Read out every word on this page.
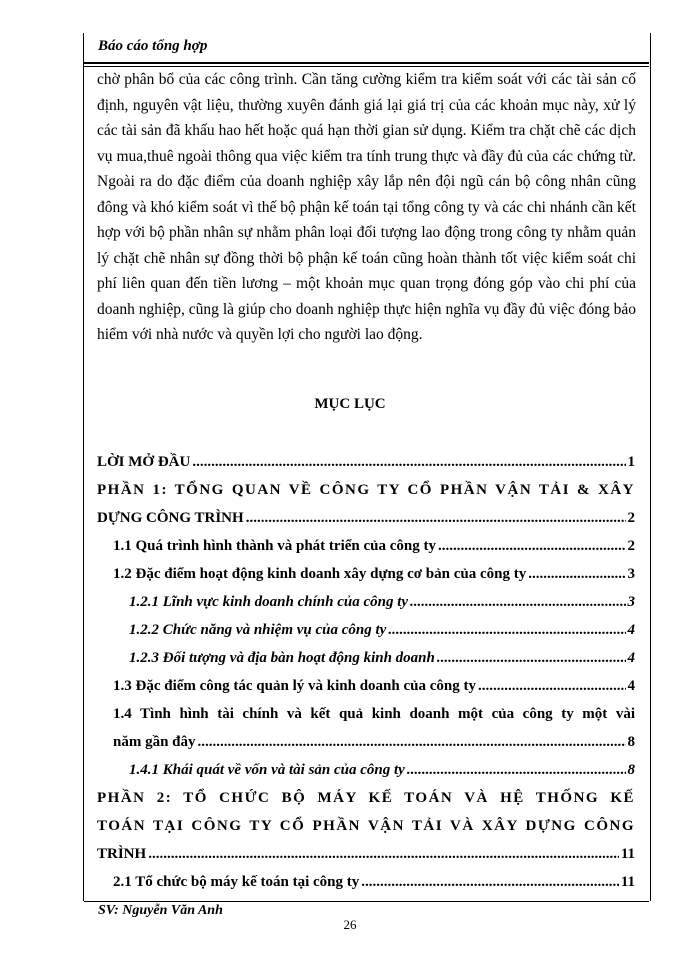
Báo cáo tổng hợp

chờ phân bổ của các công trình. Cần tăng cường kiểm tra kiểm soát với các tài sản cố định, nguyên vật liệu, thường xuyên đánh giá lại giá trị của các khoản mục này, xử lý các tài sản đã khấu hao hết hoặc quá hạn thời gian sử dụng. Kiểm tra chặt chẽ các dịch vụ mua,thuê ngoài thông qua việc kiểm tra tính trung thực và đầy đủ của các chứng từ. Ngoài ra do đặc điểm của doanh nghiệp xây lắp nên đội ngũ cán bộ công nhân cũng đông và khó kiểm soát vì thế bộ phận kế toán tại tổng công ty và các chi nhánh cần kết hợp với bộ phần nhân sự nhằm phân loại đối tượng lao động trong công ty nhằm quản lý chặt chẽ nhân sự đồng thời bộ phận kế toán cũng hoàn thành tốt việc kiểm soát chi phí liên quan đến tiền lương – một khoản mục quan trọng đóng góp vào chi phí của doanh nghiệp, cũng là giúp cho doanh nghiệp thực hiện nghĩa vụ đầy đủ việc đóng bảo hiểm với nhà nước và quyền lợi cho người lao động.

MỤC LỤC
LỜI MỞ ĐẦU .....	1
PHẦN 1: TỔNG QUAN VỀ CÔNG TY CỔ PHẦN VẬN TẢI & XÂY
DỰNG CÔNG TRÌNH .....	2
1.1 Quá trình hình thành và phát triển của công ty .....	2
1.2 Đặc điểm hoạt động kinh doanh xây dựng cơ bản của công ty .....	3
1.2.1 Lĩnh vực kinh doanh chính của công ty .....	3
1.2.2 Chức năng và nhiệm vụ của công ty .....	4
1.2.3 Đối tượng và địa bàn hoạt động kinh doanh .....	4
1.3 Đặc điểm công tác quản lý và kinh doanh của công ty .....	4
1.4 Tình hình tài chính và kết quả kinh doanh một của công ty một vài
năm gần đây .....	8
1.4.1 Khái quát về vốn và tài sản của công ty .....	8
PHẦN 2: TỔ CHỨC BỘ MÁY KẾ TOÁN VÀ HỆ THỐNG KẾ
TOÁN TẠI CÔNG TY CỔ PHẦN VẬN TẢI VÀ XÂY DỰNG CÔNG
TRÌNH .....	11
2.1 Tổ chức bộ máy kế toán tại công ty .....	11
SV: Nguyễn Văn Anh
26
